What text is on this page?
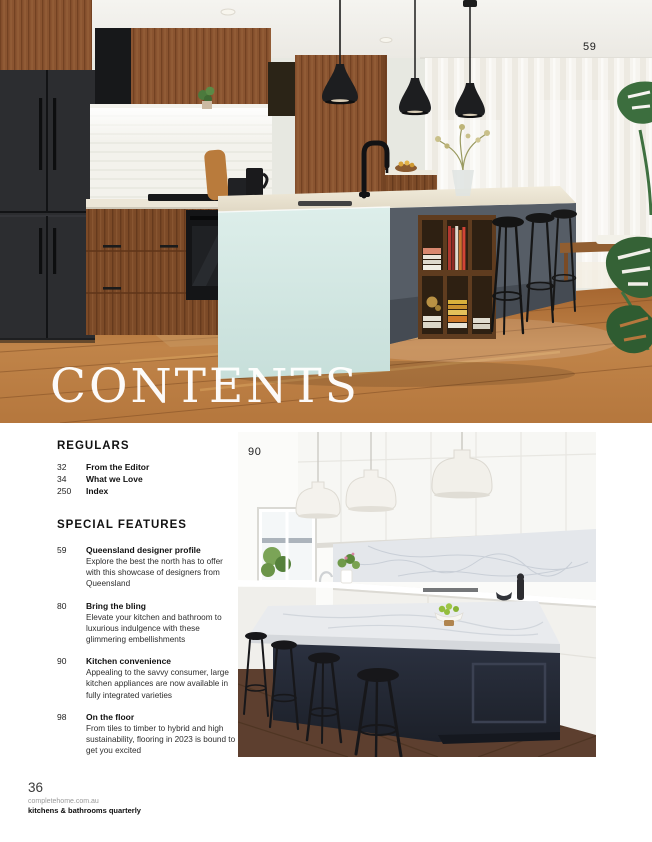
59
CONTENTS
90
REGULARS
32	From the Editor
34	What we Love
250	Index
SPECIAL FEATURES
59	Queensland designer profile
Explore the best the north has to offer with this showcase of designers from Queensland
80	Bring the bling
Elevate your kitchen and bathroom to luxurious indulgence with these glimmering embellishments
90	Kitchen convenience
Appealing to the savvy consumer, large kitchen appliances are now available in fully integrated varieties
98	On the floor
From tiles to timber to hybrid and high sustainability, flooring in 2023 is bound to get you excited
36
completehome.com.au
kitchens & bathrooms quarterly
